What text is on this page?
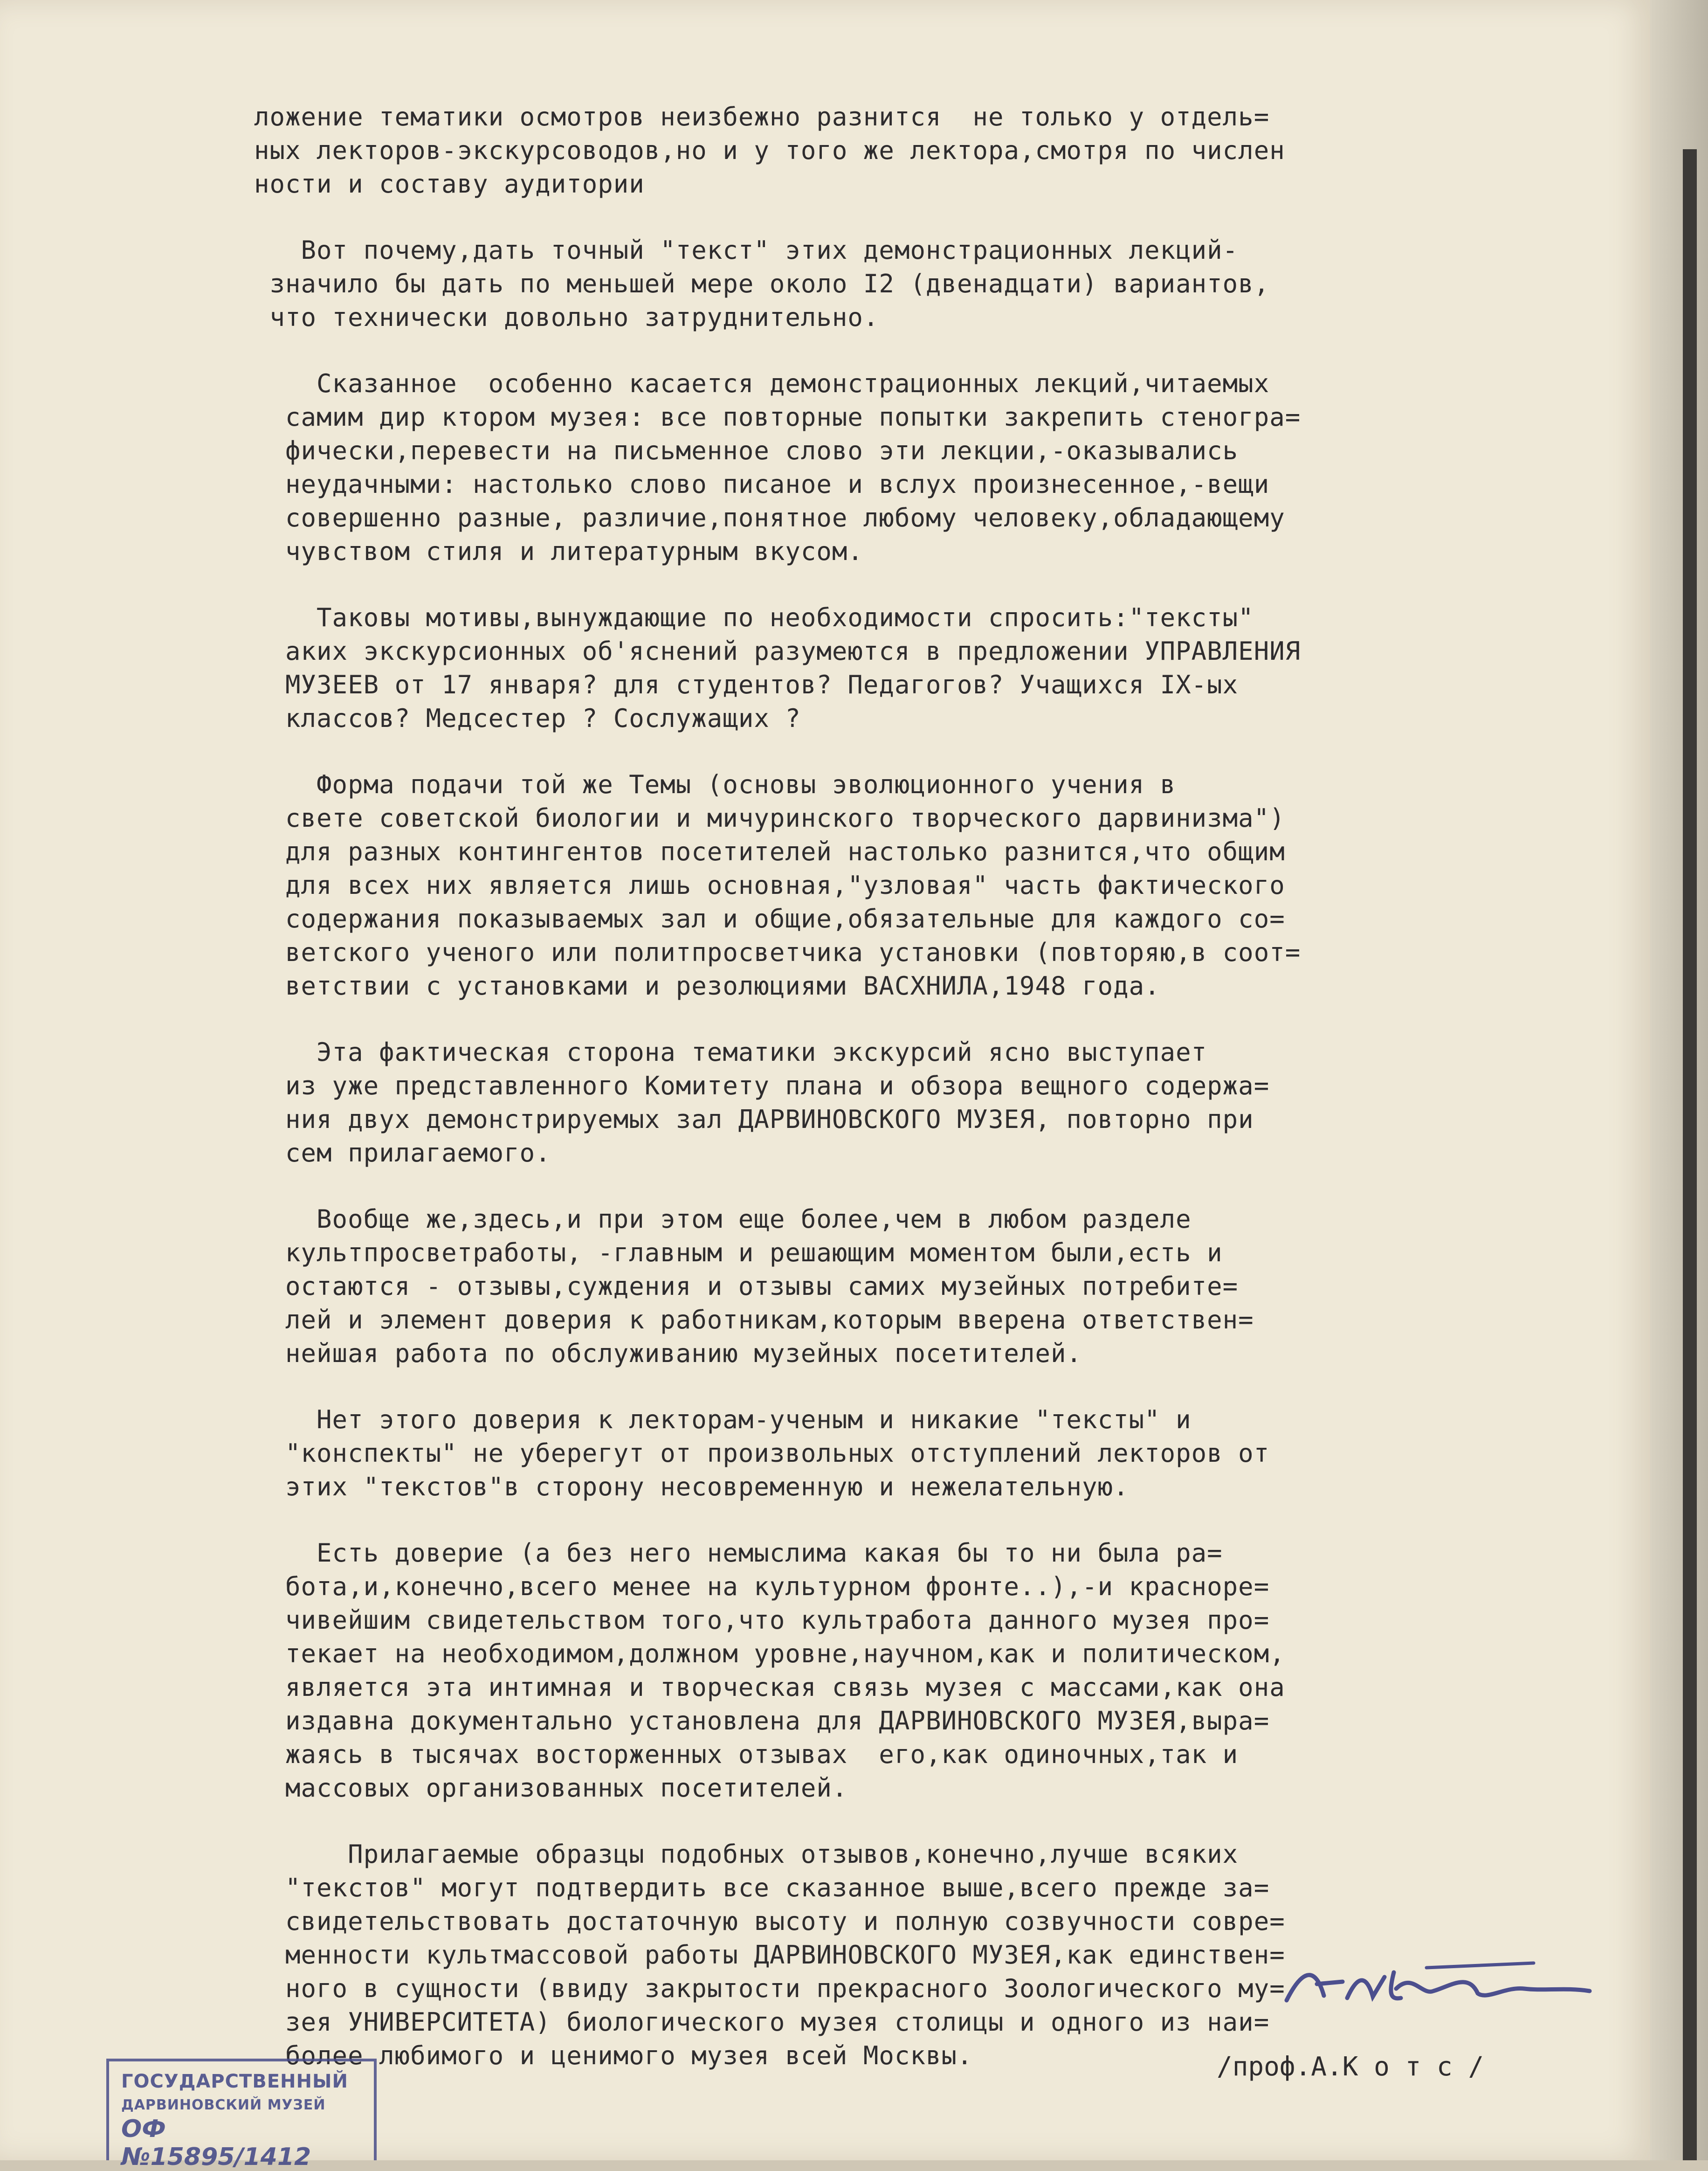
ложение тематики осмотров неизбежно разнится  не только у отдель=
ных лекторов-экскурсоводов,но и у того же лектора,смотря по числен
ности и составу аудитории
Вот почему,дать точный "текст" этих демонстрационных лекций-
значило бы дать по меньшей мере около I2 (двенадцати) вариантов,
что технически довольно затруднительно.
Сказанное  особенно касается демонстрационных лекций,читаемых
самим дир ктором музея: все повторные попытки закрепить стеногра=
фически,перевести на письменное слово эти лекции,-оказывались
неудачными: настолько слово писаное и вслух произнесенное,-вещи
совершенно разные, различие,понятное любому человеку,обладающему
чувством стиля и литературным вкусом.
Таковы мотивы,вынуждающие по необходимости спросить:"тексты"
аких экскурсионных об'яснений разумеются в предложении УПРАВЛЕНИЯ
МУЗЕЕВ от 17 января? для студентов? Педагогов? Учащихся IХ-ых
классов? Медсестер ? Сослужащих ?
Форма подачи той же Темы (основы эволюционного учения в
свете советской биологии и мичуринского творческого дарвинизма")
для разных контингентов посетителей настолько разнится,что общим
для всех них является лишь основная,"узловая" часть фактического
содержания показываемых зал и общие,обязательные для каждого со=
ветского ученого или политпросветчика установки (повторяю,в соот=
ветствии с установками и резолюциями ВАСХНИЛА,1948 года.
Эта фактическая сторона тематики экскурсий ясно выступает
из уже представленного Комитету плана и обзора вещного содержа=
ния двух демонстрируемых зал ДАРВИНОВСКОГО МУЗЕЯ, повторно при
сем прилагаемого.
Вообще же,здесь,и при этом еще более,чем в любом разделе
культпросветработы, -главным и решающим моментом были,есть и
остаются - отзывы,суждения и отзывы самих музейных потребите=
лей и элемент доверия к работникам,которым вверена ответствен=
нейшая работа по обслуживанию музейных посетителей.
Нет этого доверия к лекторам-ученым и никакие "тексты" и
"конспекты" не уберегут от произвольных отступлений лекторов от
этих "текстов"в сторону несовременную и нежелательную.
Есть доверие (а без него немыслима какая бы то ни была ра=
бота,и,конечно,всего менее на культурном фронте..),-и красноре=
чивейшим свидетельством того,что культработа данного музея про=
текает на необходимом,должном уровне,научном,как и политическом,
является эта интимная и творческая связь музея с массами,как она
издавна документально установлена для ДАРВИНОВСКОГО МУЗЕЯ,выра=
жаясь в тысячах восторженных отзывах  его,как одиночных,так и
массовых организованных посетителей.
Прилагаемые образцы подобных отзывов,конечно,лучше всяких
"текстов" могут подтвердить все сказанное выше,всего прежде за=
свидетельствовать достаточную высоту и полную созвучности совре=
менности культмассовой работы ДАРВИНОВСКОГО МУЗЕЯ,как единствен=
ного в сущности (ввиду закрытости прекрасного Зоологического му=
зея УНИВЕРСИТЕТА) биологического музея столицы и одного из наи=
более любимого и ценимого музея всей Москвы.	/проф.А.К о т с /
ГОСУДАРСТВЕННЫЙ
ДАРВИНОВСКИЙ МУЗЕЙ
ОФ №15895/1412
